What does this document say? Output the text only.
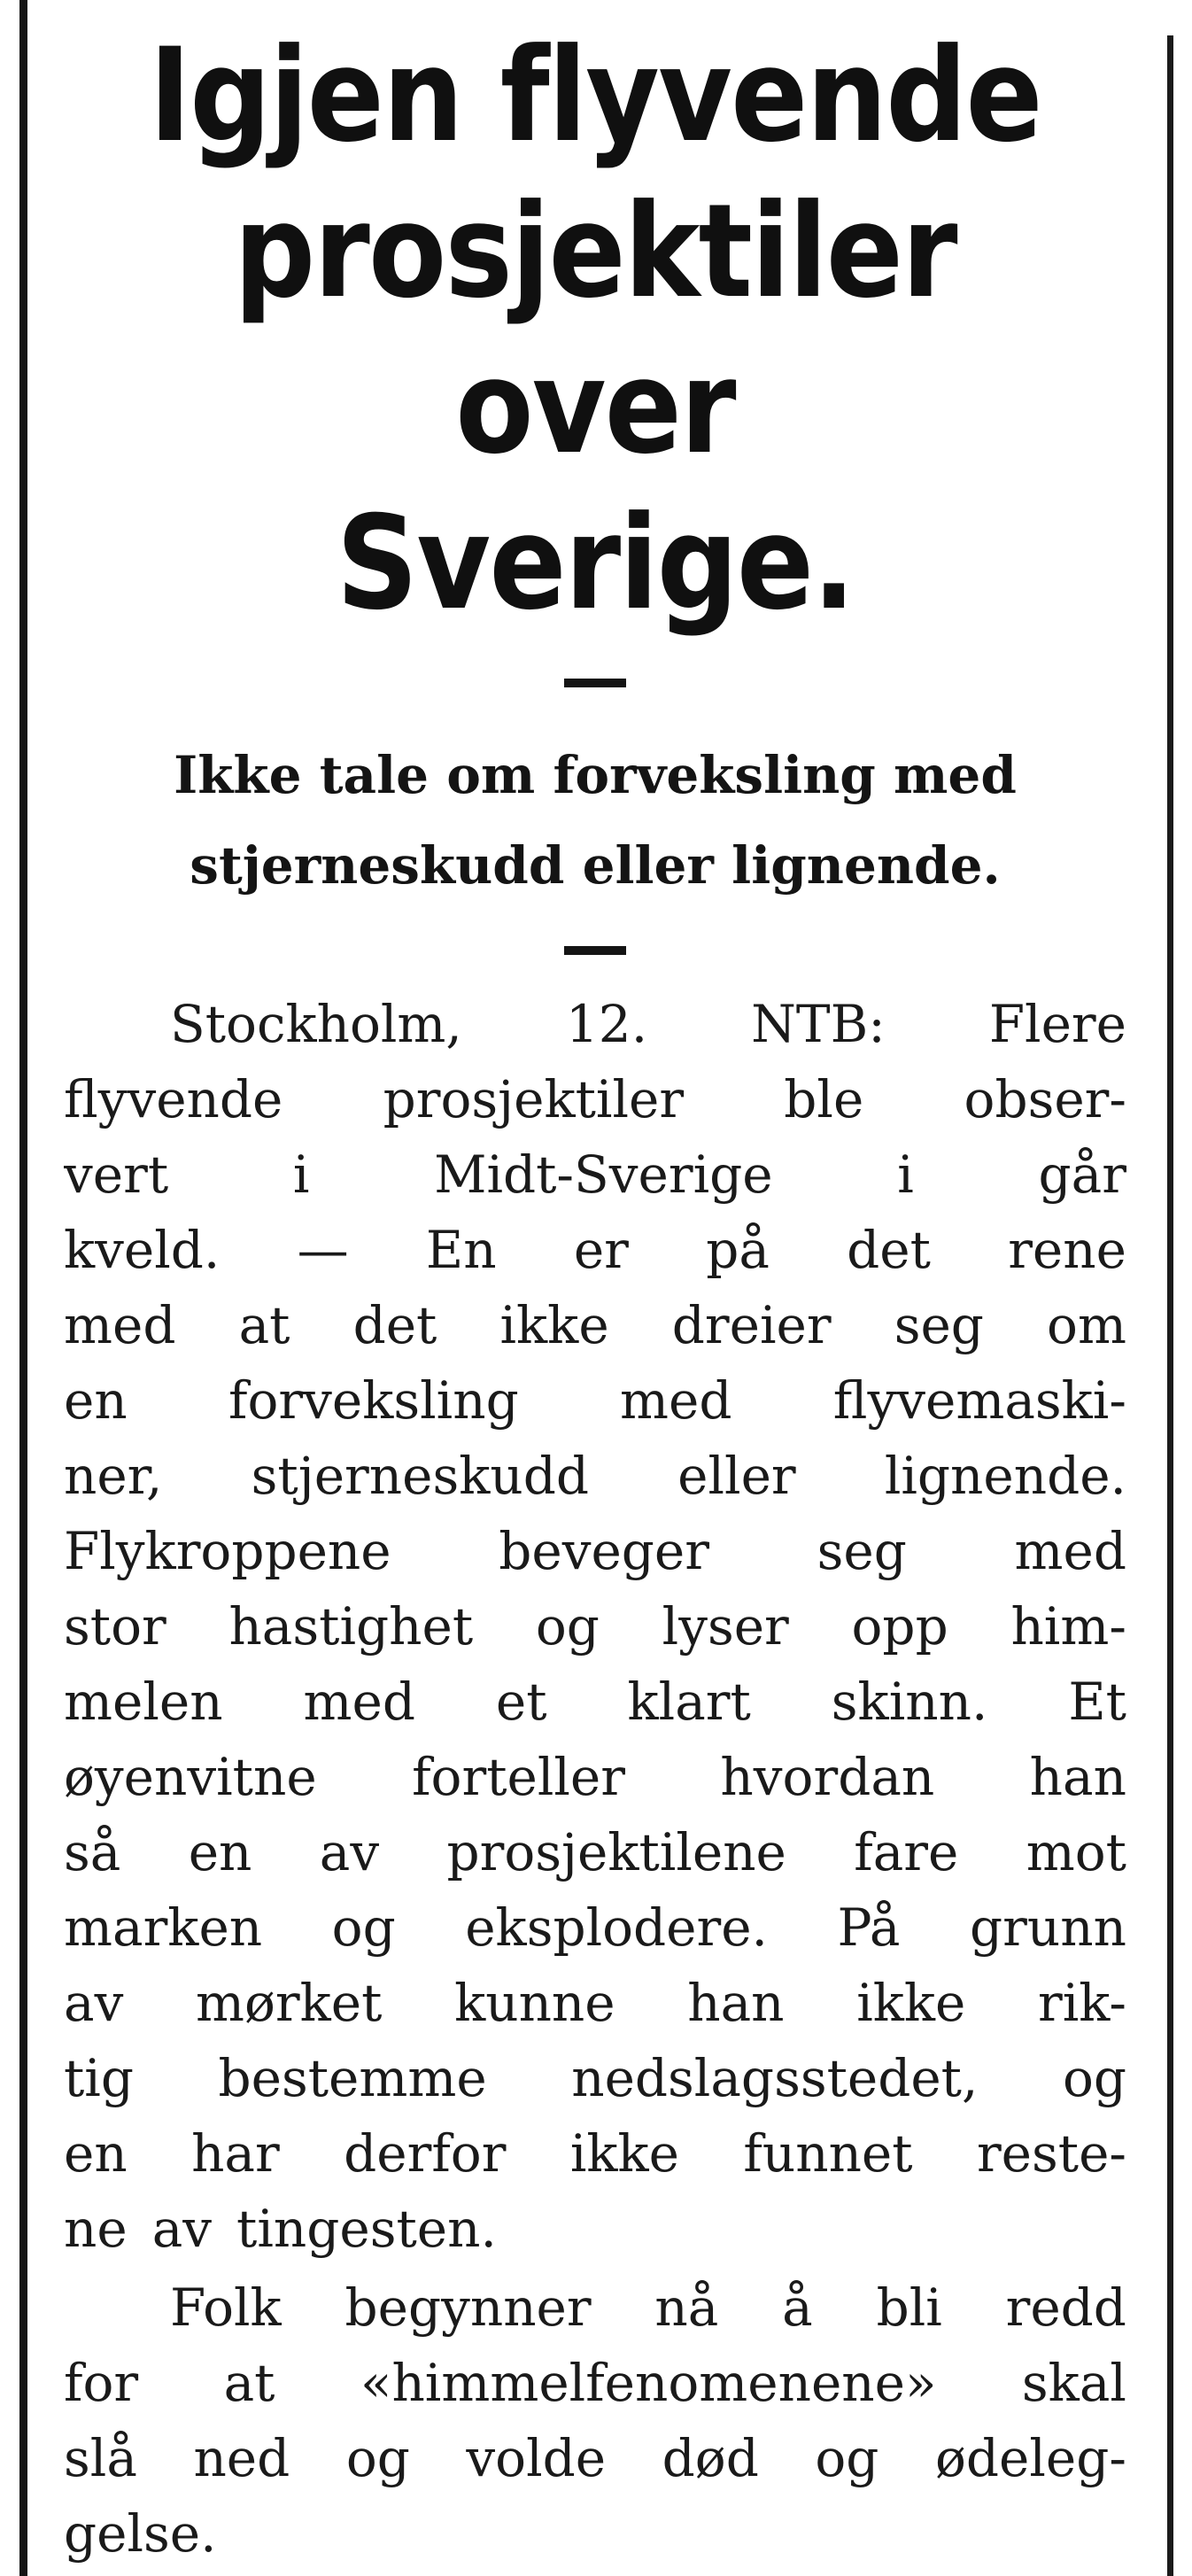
Igjen flyvende
prosjektiler over
Sverige.
Ikke tale om forveksling med
stjerneskudd eller lignende.

Stockholm, 12. NTB: Flere

flyvende prosjektiler ble obser-

vert i Midt-Sverige i går

kveld. — En er på det rene

med at det ikke dreier seg om

en forveksling med flyvemaski-

ner, stjerneskudd eller lignende.

Flykroppene beveger seg med

stor hastighet og lyser opp him-

melen med et klart skinn. Et

øyenvitne forteller hvordan han

så en av prosjektilene fare mot

marken og eksplodere. På grunn

av mørket kunne han ikke rik-

tig bestemme nedslagsstedet, og

en har derfor ikke funnet reste-

ne av tingesten.

Folk begynner nå å bli redd

for at «himmelfenomenene» skal

slå ned og volde død og ødeleg-

gelse.
